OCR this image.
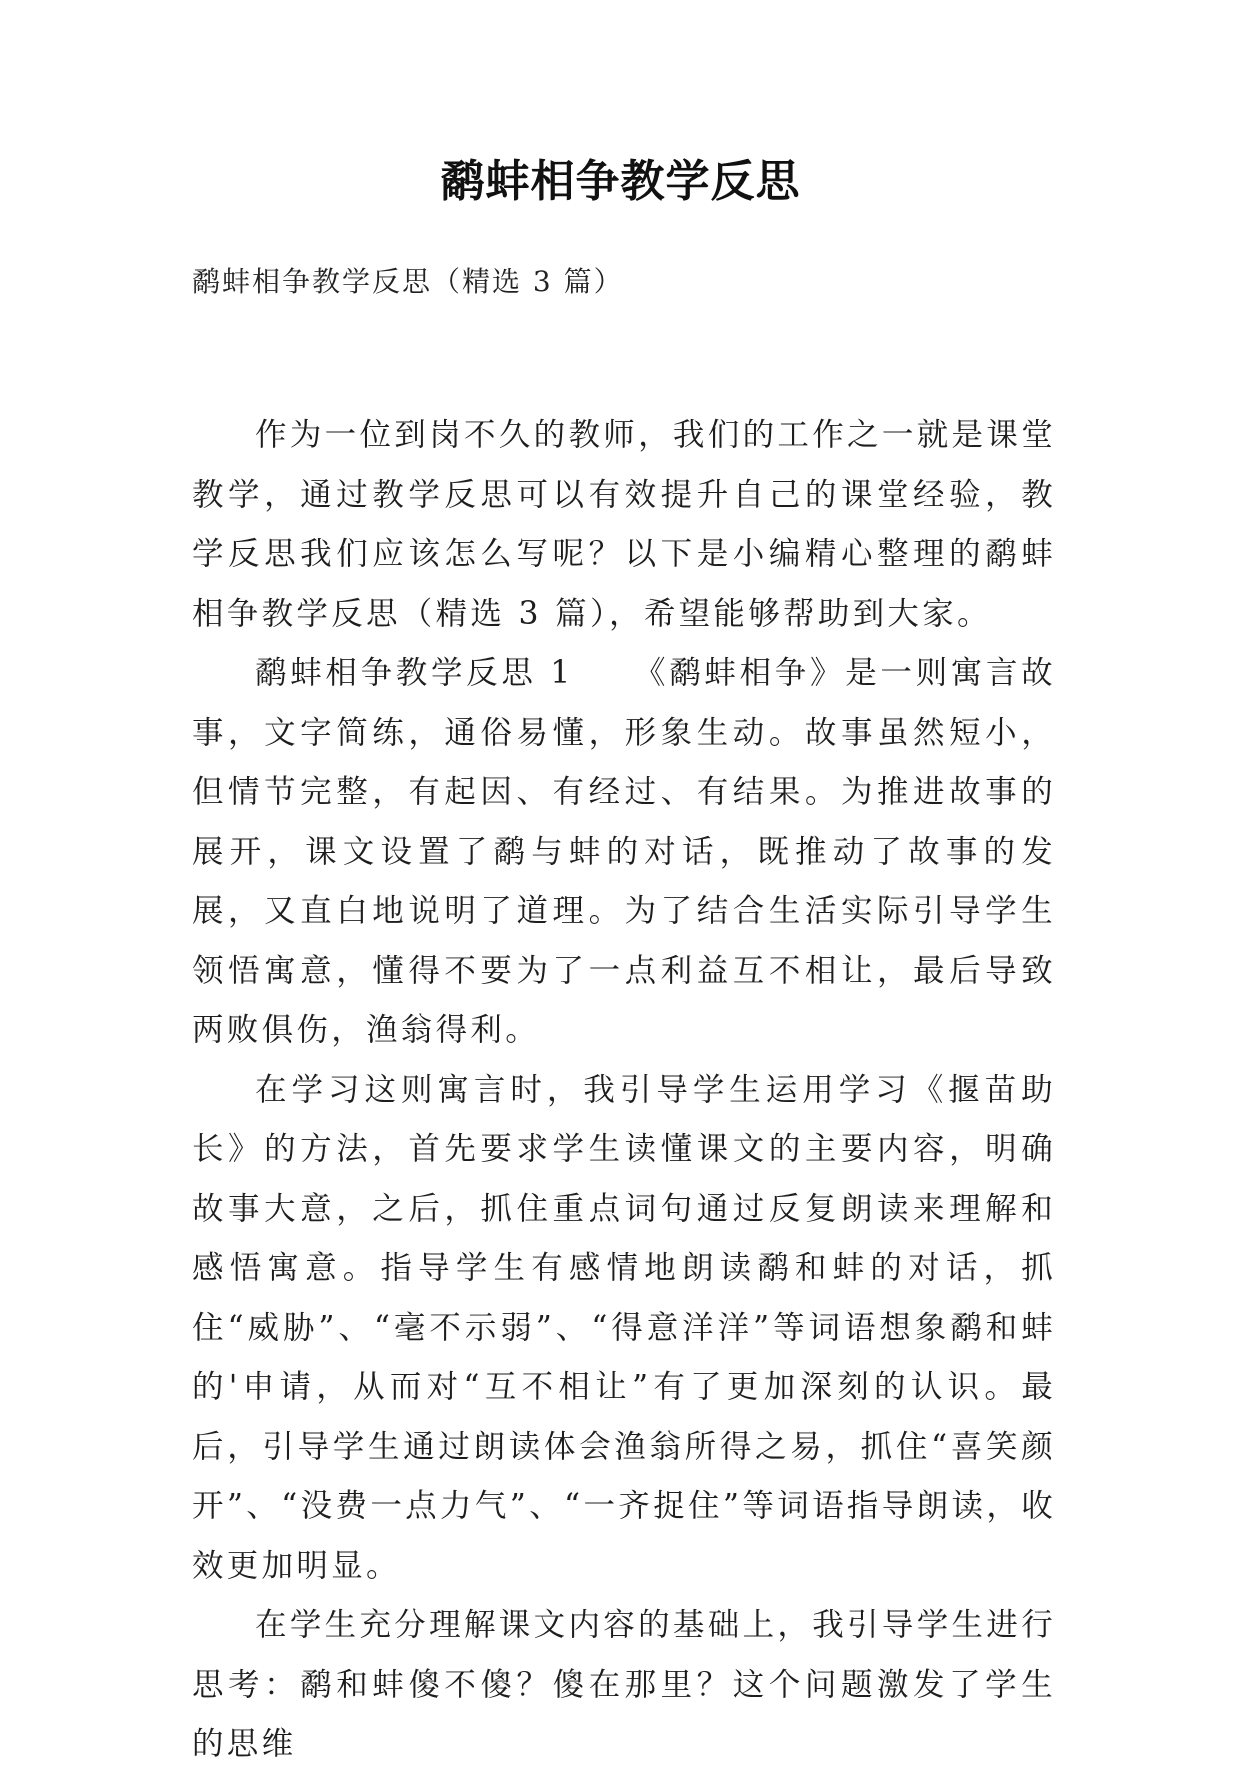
鹬蚌相争教学反思

鹬蚌相争教学反思（精选 3 篇）

作为一位到岗不久的教师，我们的工作之一就是课堂教学，通过教学反思可以有效提升自己的课堂经验，教学反思我们应该怎么写呢？以下是小编精心整理的鹬蚌相争教学反思（精选 3 篇），希望能够帮助到大家。

鹬蚌相争教学反思 1 《鹬蚌相争》是一则寓言故事，文字简练，通俗易懂，形象生动。故事虽然短小，但情节完整，有起因、有经过、有结果。为推进故事的展开，课文设置了鹬与蚌的对话，既推动了故事的发展，又直白地说明了道理。为了结合生活实际引导学生领悟寓意，懂得不要为了一点利益互不相让，最后导致两败俱伤，渔翁得利。

在学习这则寓言时，我引导学生运用学习《揠苗助长》的方法，首先要求学生读懂课文的主要内容，明确故事大意，之后，抓住重点词句通过反复朗读来理解和感悟寓意。指导学生有感情地朗读鹬和蚌的对话，抓住“威胁”、“毫不示弱”、“得意洋洋”等词语想象鹬和蚌的'申请，从而对“互不相让”有了更加深刻的认识。最后，引导学生通过朗读体会渔翁所得之易，抓住“喜笑颜开”、“没费一点力气”、“一齐捉住”等词语指导朗读，收效更加明显。

在学生充分理解课文内容的基础上，我引导学生进行思考：鹬和蚌傻不傻？傻在那里？这个问题激发了学生的思维
